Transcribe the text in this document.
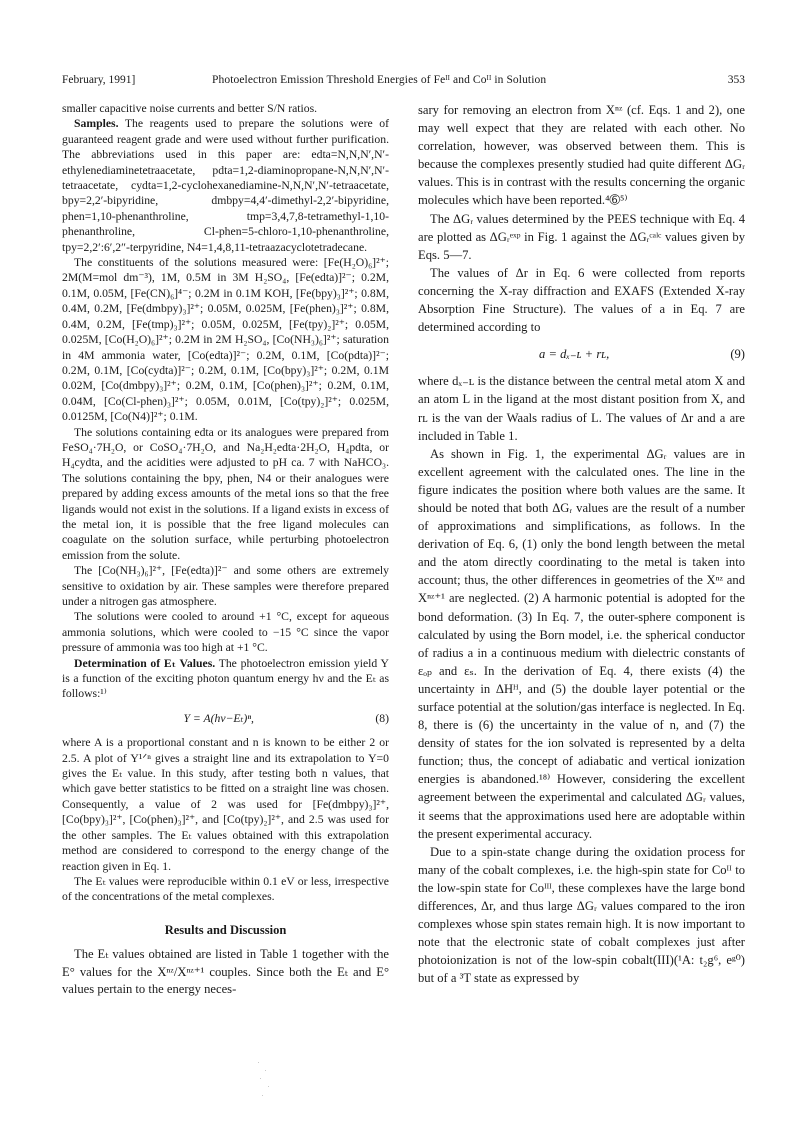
February, 1991]	Photoelectron Emission Threshold Energies of Feᴵᴵ and Coᴵᴵ in Solution	353

smaller capacitive noise currents and better S/N ratios.

Samples. The reagents used to prepare the solutions were of guaranteed reagent grade and were used without further purification. The abbreviations used in this paper are: edta=N,N,N′,N′-ethylenediaminetetraacetate, pdta=1,2-diaminopropane-N,N,N′,N′-tetraacetate, cydta=1,2-cyclohexanediamine-N,N,N′,N′-tetraacetate, bpy=2,2′-bipyridine, dmbpy=4,4′-dimethyl-2,2′-bipyridine, phen=1,10-phenanthroline, tmp=3,4,7,8-tetramethyl-1,10-phenanthroline, Cl-phen=5-chloro-1,10-phenanthroline, tpy=2,2′:6′,2″-terpyridine, N4=1,4,8,11-tetraazacyclotetradecane.

The constituents of the solutions measured were: [Fe(H₂O)₆]²⁺; 2M(M=mol dm⁻³), 1M, 0.5M in 3M H₂SO₄, [Fe(edta)]²⁻; 0.2M, 0.1M, 0.05M, [Fe(CN)₆]⁴⁻; 0.2M in 0.1M KOH, [Fe(bpy)₃]²⁺; 0.8M, 0.4M, 0.2M, [Fe(dmbpy)₃]²⁺; 0.05M, 0.025M, [Fe(phen)₃]²⁺; 0.8M, 0.4M, 0.2M, [Fe(tmp)₃]²⁺; 0.05M, 0.025M, [Fe(tpy)₂]²⁺; 0.05M, 0.025M, [Co(H₂O)₆]²⁺; 0.2M in 2M H₂SO₄, [Co(NH₃)₆]²⁺; saturation in 4M ammonia water, [Co(edta)]²⁻; 0.2M, 0.1M, [Co(pdta)]²⁻; 0.2M, 0.1M, [Co(cydta)]²⁻; 0.2M, 0.1M, [Co(bpy)₃]²⁺; 0.2M, 0.1M 0.02M, [Co(dmbpy)₃]²⁺; 0.2M, 0.1M, [Co(phen)₃]²⁺; 0.2M, 0.1M, 0.04M, [Co(Cl-phen)₃]²⁺; 0.05M, 0.01M, [Co(tpy)₂]²⁺; 0.025M, 0.0125M, [Co(N4)]²⁺; 0.1M.

The solutions containing edta or its analogues were prepared from FeSO₄·7H₂O, or CoSO₄·7H₂O, and Na₂H₂edta·2H₂O, H₄pdta, or H₄cydta, and the acidities were adjusted to pH ca. 7 with NaHCO₃. The solutions containing the bpy, phen, N4 or their analogues were prepared by adding excess amounts of the metal ions so that the free ligands would not exist in the solutions. If a ligand exists in excess of the metal ion, it is possible that the free ligand molecules can coagulate on the solution surface, while perturbing photoelectron emission from the solute.

The [Co(NH₃)₆]²⁺, [Fe(edta)]²⁻ and some others are extremely sensitive to oxidation by air. These samples were therefore prepared under a nitrogen gas atmosphere.

The solutions were cooled to around +1 °C, except for aqueous ammonia solutions, which were cooled to −15 °C since the vapor pressure of ammonia was too high at +1 °C.

Determination of Eₜ Values. The photoelectron emission yield Y is a function of the exciting photon quantum energy hν and the Eₜ as follows:¹⁾

Y = A(hν−Eₜ)ⁿ,	(8)

where A is a proportional constant and n is known to be either 2 or 2.5. A plot of Y¹ᐟⁿ gives a straight line and its extrapolation to Y=0 gives the Eₜ value. In this study, after testing both n values, that which gave better statistics to be fitted on a straight line was chosen. Consequently, a value of 2 was used for [Fe(dmbpy)₃]²⁺, [Co(bpy)₃]²⁺, [Co(phen)₃]²⁺, and [Co(tpy)₂]²⁺, and 2.5 was used for the other samples. The Eₜ values obtained with this extrapolation method are considered to correspond to the energy change of the reaction given in Eq. 1.

The Eₜ values were reproducible within 0.1 eV or less, irrespective of the concentrations of the metal complexes.

Results and Discussion

The Eₜ values obtained are listed in Table 1 together with the E° values for the Xⁿᶻ/Xⁿᶻ⁺¹ couples. Since both the Eₜ and E° values pertain to the energy neces-

sary for removing an electron from Xⁿᶻ (cf. Eqs. 1 and 2), one may well expect that they are related with each other. No correlation, however, was observed between them. This is because the complexes presently studied had quite different ΔGᵣ values. This is in contrast with the results concerning the organic molecules which have been reported.⁴➅⁵⁾

The ΔGᵣ values determined by the PEES technique with Eq. 4 are plotted as ΔGᵣᵉˣᵖ in Fig. 1 against the ΔGᵣᶜᵃˡᶜ values given by Eqs. 5—7.

The values of Δr in Eq. 6 were collected from reports concerning the X-ray diffraction and EXAFS (Extended X-ray Absorption Fine Structure). The values of a in Eq. 7 are determined according to

a = dₓ₋ʟ + rʟ,	(9)

where dₓ₋ʟ is the distance between the central metal atom X and an atom L in the ligand at the most distant position from X, and rʟ is the van der Waals radius of L. The values of Δr and a are included in Table 1.

As shown in Fig. 1, the experimental ΔGᵣ values are in excellent agreement with the calculated ones. The line in the figure indicates the position where both values are the same. It should be noted that both ΔGᵣ values are the result of a number of approximations and simplifications, as follows. In the derivation of Eq. 6, (1) only the bond length between the metal and the atom directly coordinating to the metal is taken into account; thus, the other differences in geometries of the Xⁿᶻ and Xⁿᶻ⁺¹ are neglected. (2) A harmonic potential is adopted for the bond deformation. (3) In Eq. 7, the outer-sphere component is calculated by using the Born model, i.e. the spherical conductor of radius a in a continuous medium with dielectric constants of εₒₚ and εₛ. In the derivation of Eq. 4, there exists (4) the uncertainty in ΔHᴴ, and (5) the double layer potential or the surface potential at the solution/gas interface is neglected. In Eq. 8, there is (6) the uncertainty in the value of n, and (7) the density of states for the ion solvated is represented by a delta function; thus, the concept of adiabatic and vertical ionization energies is abandoned.¹⁸⁾ However, considering the excellent agreement between the experimental and calculated ΔGᵣ values, it seems that the approximations used here are adoptable within the present experimental accuracy.

Due to a spin-state change during the oxidation process for many of the cobalt complexes, i.e. the high-spin state for Coᴵᴵ to the low-spin state for Coᴵᴵᴵ, these complexes have the large bond differences, Δr, and thus large ΔGᵣ values compared to the iron complexes whose spin states remain high. It is now important to note that the electronic state of cobalt complexes just after photoionization is not of the low-spin cobalt(III)(¹A: t₂g⁶, eᵍ⁰) but of a ³T state as expressed by
